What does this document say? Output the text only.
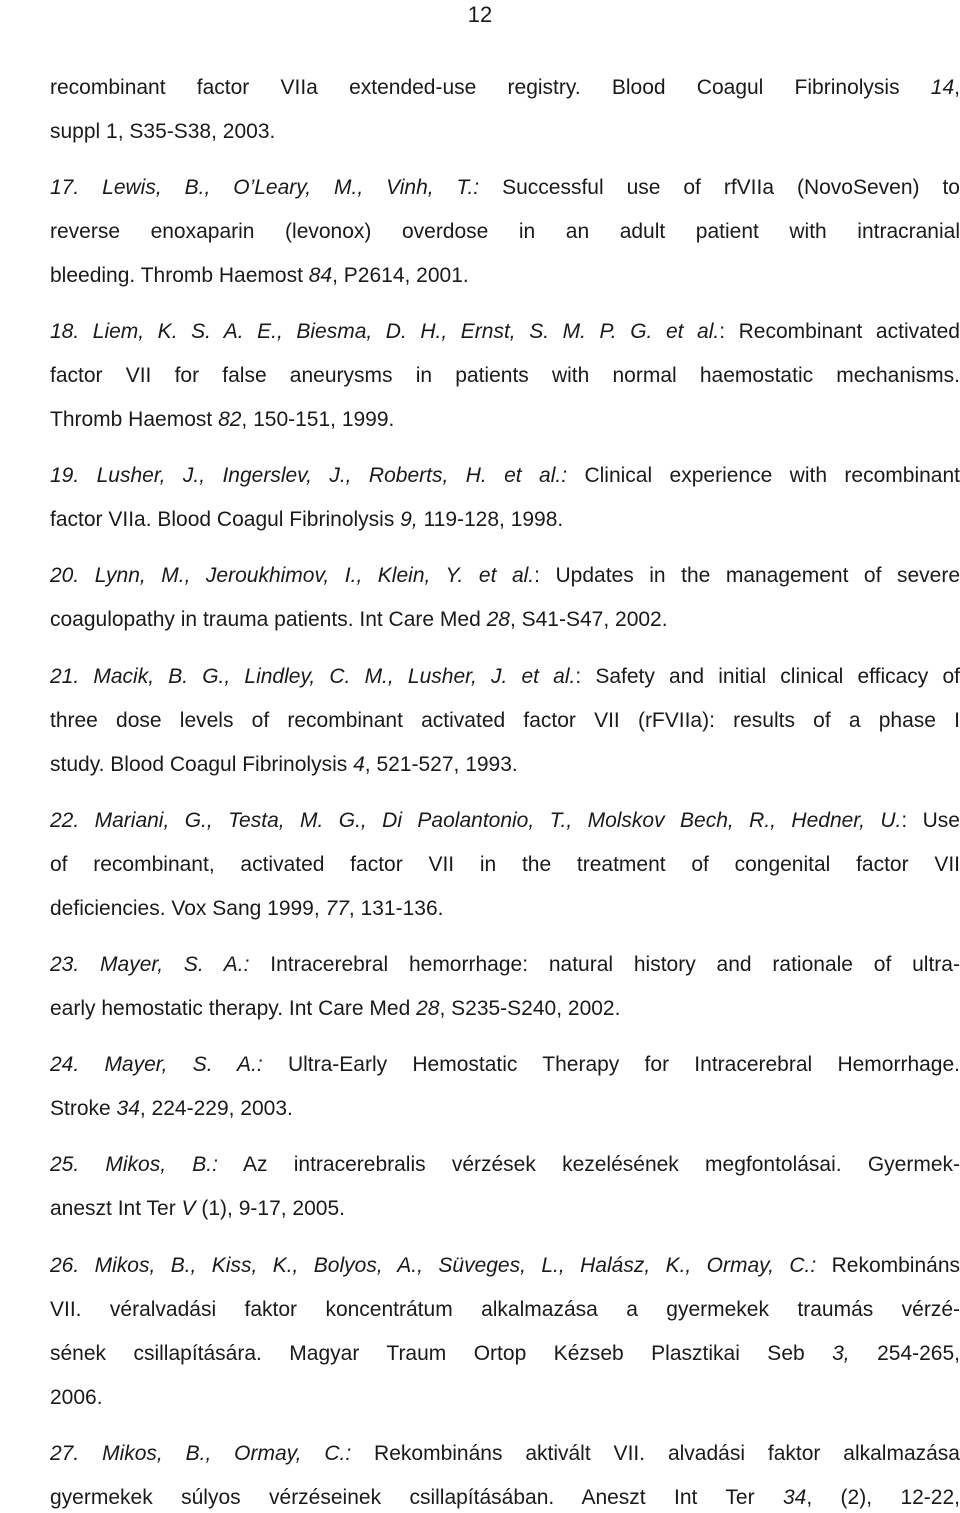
12
recombinant factor VIIa extended-use registry. Blood Coagul Fibrinolysis 14,
suppl 1, S35-S38, 2003.
17. Lewis, B., O’Leary, M., Vinh, T.: Successful use of rfVIIa (NovoSeven) to
reverse enoxaparin (levonox) overdose in an adult patient with intracranial
bleeding. Thromb Haemost 84, P2614, 2001.
18. Liem, K. S. A. E., Biesma, D. H., Ernst, S. M. P. G. et al.: Recombinant activated
factor VII for false aneurysms in patients with normal haemostatic mechanisms.
Thromb Haemost 82, 150-151, 1999.
19. Lusher, J., Ingerslev, J., Roberts, H. et al.: Clinical experience with recombinant
factor VIIa. Blood Coagul Fibrinolysis 9, 119-128, 1998.
20. Lynn, M., Jeroukhimov, I., Klein, Y. et al.: Updates in the management of severe
coagulopathy in trauma patients. Int Care Med 28, S41-S47, 2002.
21. Macik, B. G., Lindley, C. M., Lusher, J. et al.: Safety and initial clinical efficacy of
three dose levels of recombinant activated factor VII (rFVIIa): results of a phase I
study. Blood Coagul Fibrinolysis 4, 521-527, 1993.
22. Mariani, G., Testa, M. G., Di Paolantonio, T., Molskov Bech, R., Hedner, U.: Use
of recombinant, activated factor VII in the treatment of congenital factor VII
deficiencies. Vox Sang 1999, 77, 131-136.
23. Mayer, S. A.: Intracerebral hemorrhage: natural history and rationale of ultra-
early hemostatic therapy. Int Care Med 28, S235-S240, 2002.
24. Mayer, S. A.: Ultra-Early Hemostatic Therapy for Intracerebral Hemorrhage.
Stroke 34, 224-229, 2003.
25. Mikos, B.: Az intracerebralis vérzések kezelésének megfontolásai. Gyermek-
aneszt Int Ter V (1), 9-17, 2005.
26. Mikos, B., Kiss, K., Bolyos, A., Süveges, L., Halász, K., Ormay, C.: Rekombináns
VII. véralvadási faktor koncentrátum alkalmazása a gyermekek traumás vérzé-
sének csillapítására. Magyar Traum Ortop Kézseb Plasztikai Seb 3, 254-265,
2006.
27. Mikos, B., Ormay, C.: Rekombináns aktivált VII. alvadási faktor alkalmazása
gyermekek súlyos vérzéseinek csillapításában. Aneszt Int Ter 34, (2), 12-22,
